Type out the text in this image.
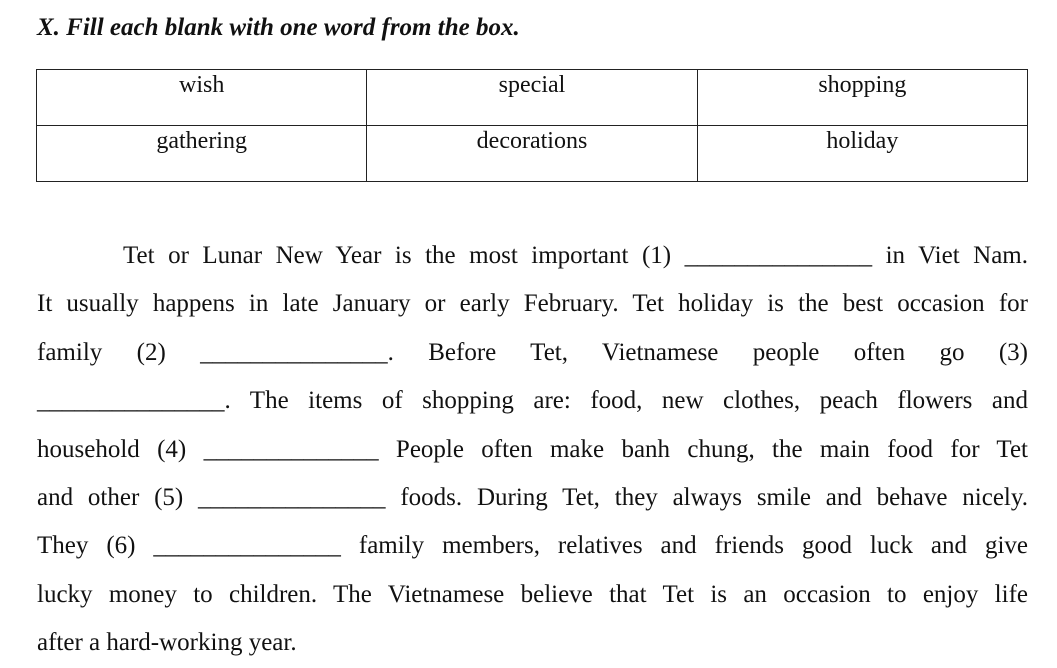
X. Fill each blank with one word from the box.
wish	special	shopping
gathering	decorations	holiday
Tet or Lunar New Year is the most important (1) _______________ in Viet Nam.
It usually happens in late January or early February. Tet holiday is the best occasion for
family (2) _______________. Before Tet, Vietnamese people often go (3)
_______________. The items of shopping are: food, new clothes, peach flowers and
household (4) ______________ People often make banh chung, the main food for Tet
and other (5) _______________ foods. During Tet, they always smile and behave nicely.
They (6) _______________ family members, relatives and friends good luck and give
lucky money to children. The Vietnamese believe that Tet is an occasion to enjoy life
after a hard-working year.
